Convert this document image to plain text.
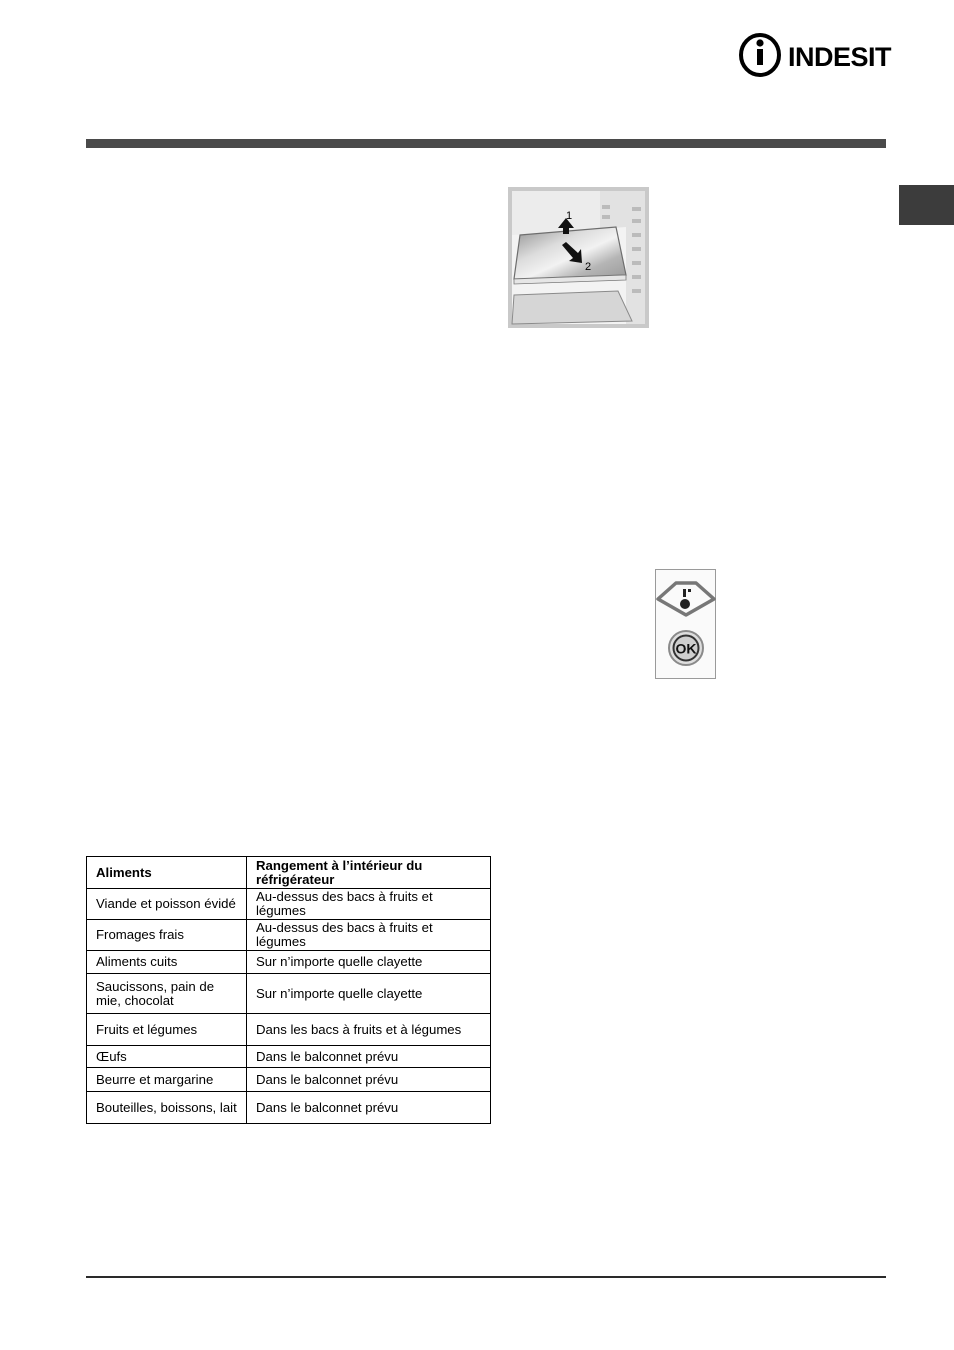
INDESIT
1
2
OK
Aliments	Rangement à l’intérieur du réfrigérateur
Viande et poisson évidé	Au-dessus des bacs à fruits et légumes
Fromages frais	Au-dessus des bacs à fruits et légumes
Aliments cuits	Sur n’importe quelle clayette
Saucissons, pain de mie, chocolat	Sur n’importe quelle clayette
Fruits et légumes	Dans les bacs à fruits et à légumes
Œufs	Dans le balconnet prévu
Beurre et margarine	Dans le balconnet prévu
Bouteilles, boissons, lait	Dans le balconnet prévu
